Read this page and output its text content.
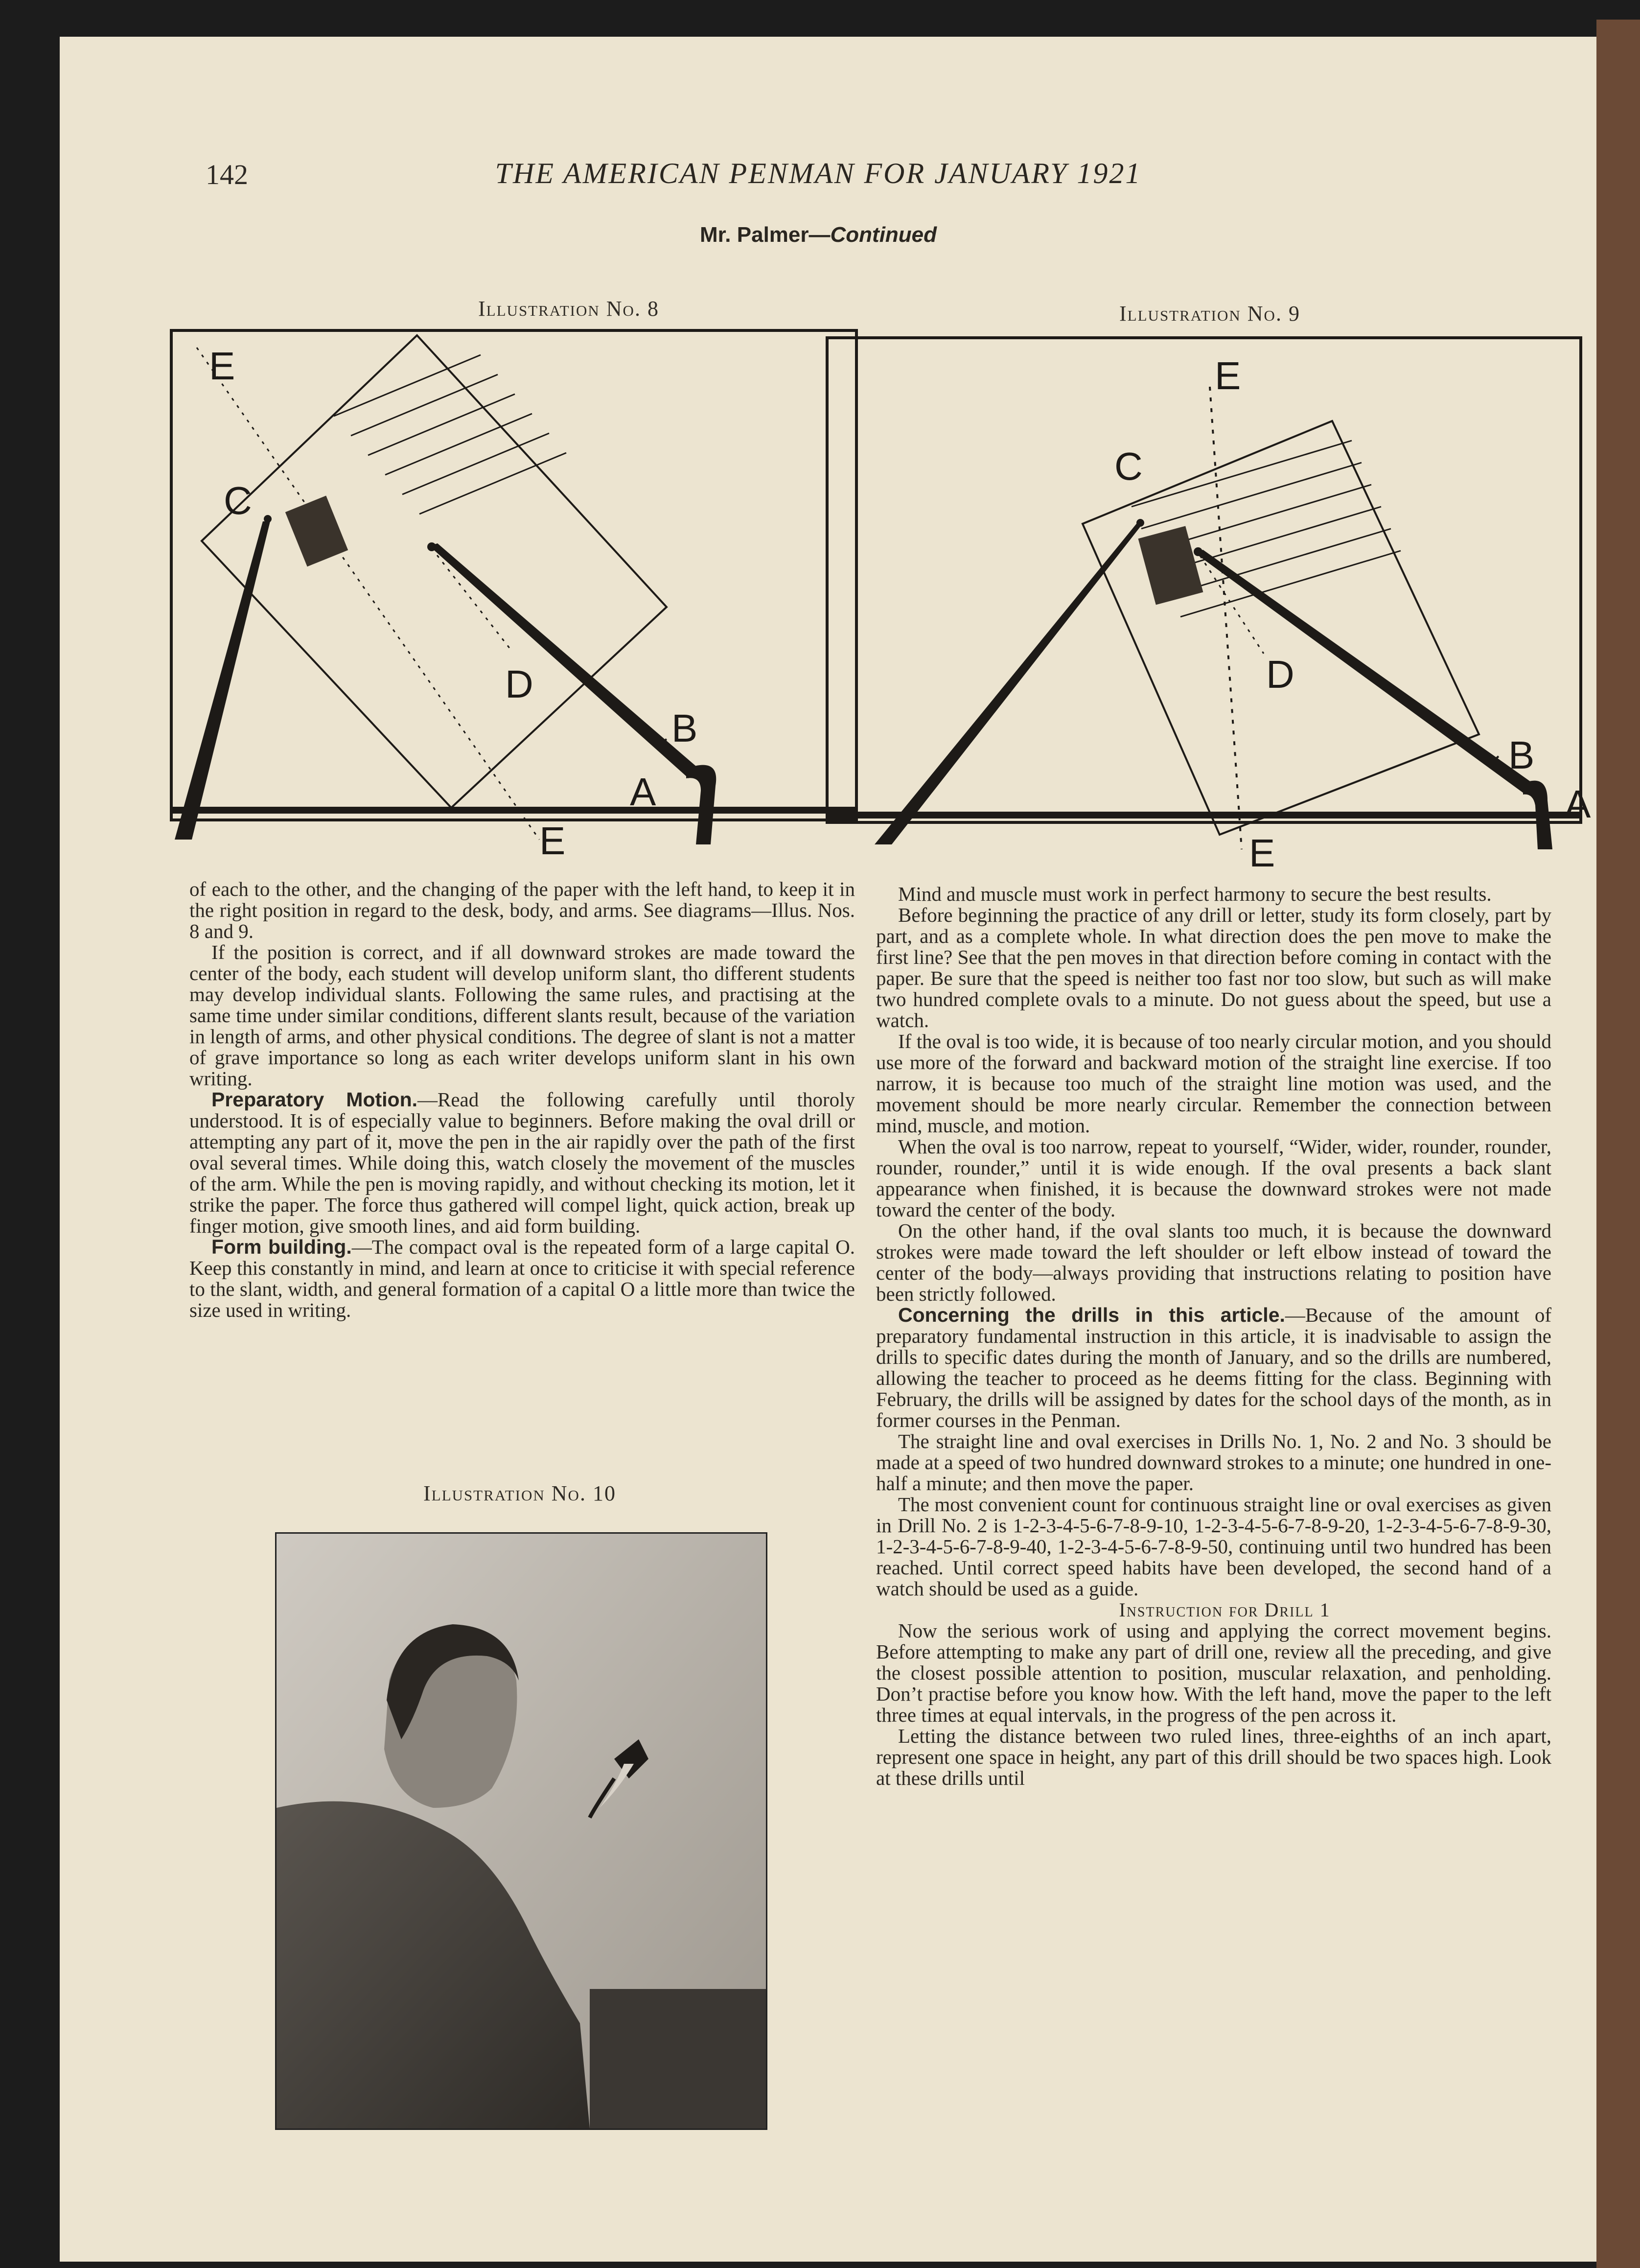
142	THE AMERICAN PENMAN FOR JANUARY 1921
Mr. Palmer—Continued
Illustration No. 8
E
C
D
B
A
E
Illustration No. 9
E
C
D
B
A
E

of each to the other, and the changing of the paper with the left hand, to keep it in the right position in regard to the desk, body, and arms. See diagrams—Illus. Nos. 8 and 9.

If the position is correct, and if all downward strokes are made toward the center of the body, each student will develop uniform slant, tho different students may develop individual slants. Following the same rules, and practising at the same time under similar conditions, different slants result, because of the variation in length of arms, and other physical conditions. The degree of slant is not a matter of grave importance so long as each writer develops uniform slant in his own writing.

Preparatory Motion.—Read the following carefully until thoroly understood. It is of especially value to beginners. Before making the oval drill or attempting any part of it, move the pen in the air rapidly over the path of the first oval several times. While doing this, watch closely the movement of the muscles of the arm. While the pen is moving rapidly, and without checking its motion, let it strike the paper. The force thus gathered will compel light, quick action, break up finger motion, give smooth lines, and aid form building.

Form building.—The compact oval is the repeated form of a large capital O. Keep this constantly in mind, and learn at once to criticise it with special reference to the slant, width, and general formation of a capital O a little more than twice the size used in writing.

Illustration No. 10

Mind and muscle must work in perfect harmony to secure the best results.

Before beginning the practice of any drill or letter, study its form closely, part by part, and as a complete whole. In what direction does the pen move to make the first line? See that the pen moves in that direction before coming in contact with the paper. Be sure that the speed is neither too fast nor too slow, but such as will make two hundred complete ovals to a minute. Do not guess about the speed, but use a watch.

If the oval is too wide, it is because of too nearly circular motion, and you should use more of the forward and backward motion of the straight line exercise. If too narrow, it is because too much of the straight line motion was used, and the movement should be more nearly circular. Remember the connection between mind, muscle, and motion.

When the oval is too narrow, repeat to yourself, “Wider, wider, rounder, rounder, rounder, rounder,” until it is wide enough. If the oval presents a back slant appearance when finished, it is because the downward strokes were not made toward the center of the body.

On the other hand, if the oval slants too much, it is because the downward strokes were made toward the left shoulder or left elbow instead of toward the center of the body—always providing that instructions relating to position have been strictly followed.

Concerning the drills in this article.—Because of the amount of preparatory fundamental instruction in this article, it is inadvisable to assign the drills to specific dates during the month of January, and so the drills are numbered, allowing the teacher to proceed as he deems fitting for the class. Beginning with February, the drills will be assigned by dates for the school days of the month, as in former courses in the Penman.

The straight line and oval exercises in Drills No. 1, No. 2 and No. 3 should be made at a speed of two hundred downward strokes to a minute; one hundred in one-half a minute; and then move the paper.

The most convenient count for continuous straight line or oval exercises as given in Drill No. 2 is 1-2-3-4-5-6-7-8-9-10, 1-2-3-4-5-6-7-8-9-20, 1-2-3-4-5-6-7-8-9-30, 1-2-3-4-5-6-7-8-9-40, 1-2-3-4-5-6-7-8-9-50, continuing until two hundred has been reached. Until correct speed habits have been developed, the second hand of a watch should be used as a guide.

Instruction for Drill 1

Now the serious work of using and applying the correct movement begins. Before attempting to make any part of drill one, review all the preceding, and give the closest possible attention to position, muscular relaxation, and penholding. Don’t practise before you know how. With the left hand, move the paper to the left three times at equal intervals, in the progress of the pen across it.

Letting the distance between two ruled lines, three-eighths of an inch apart, represent one space in height, any part of this drill should be two spaces high. Look at these drills until
